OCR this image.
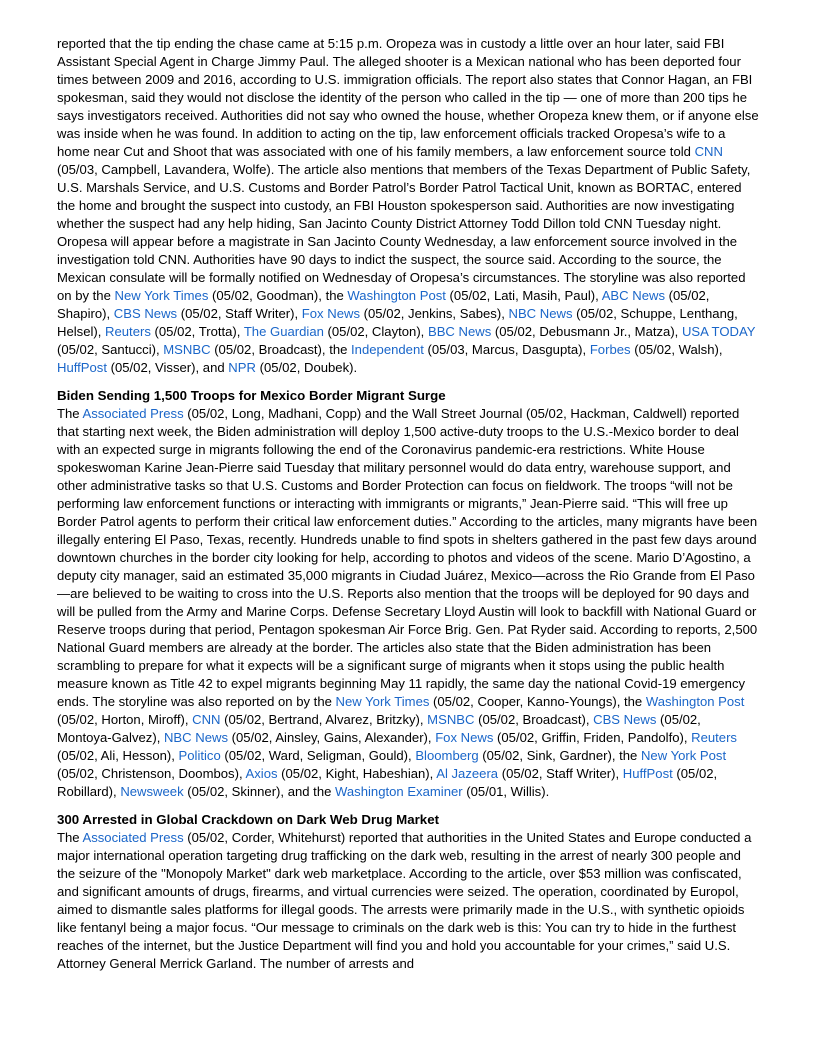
reported that the tip ending the chase came at 5:15 p.m. Oropeza was in custody a little over an hour later, said FBI Assistant Special Agent in Charge Jimmy Paul. The alleged shooter is a Mexican national who has been deported four times between 2009 and 2016, according to U.S. immigration officials. The report also states that Connor Hagan, an FBI spokesman, said they would not disclose the identity of the person who called in the tip — one of more than 200 tips he says investigators received. Authorities did not say who owned the house, whether Oropeza knew them, or if anyone else was inside when he was found. In addition to acting on the tip, law enforcement officials tracked Oropesa’s wife to a home near Cut and Shoot that was associated with one of his family members, a law enforcement source told CNN (05/03, Campbell, Lavandera, Wolfe). The article also mentions that members of the Texas Department of Public Safety, U.S. Marshals Service, and U.S. Customs and Border Patrol’s Border Patrol Tactical Unit, known as BORTAC, entered the home and brought the suspect into custody, an FBI Houston spokesperson said. Authorities are now investigating whether the suspect had any help hiding, San Jacinto County District Attorney Todd Dillon told CNN Tuesday night. Oropesa will appear before a magistrate in San Jacinto County Wednesday, a law enforcement source involved in the investigation told CNN. Authorities have 90 days to indict the suspect, the source said. According to the source, the Mexican consulate will be formally notified on Wednesday of Oropesa’s circumstances. The storyline was also reported on by the New York Times (05/02, Goodman), the Washington Post (05/02, Lati, Masih, Paul), ABC News (05/02, Shapiro), CBS News (05/02, Staff Writer), Fox News (05/02, Jenkins, Sabes), NBC News (05/02, Schuppe, Lenthang, Helsel), Reuters (05/02, Trotta), The Guardian (05/02, Clayton), BBC News (05/02, Debusmann Jr., Matza), USA TODAY (05/02, Santucci), MSNBC (05/02, Broadcast), the Independent (05/03, Marcus, Dasgupta), Forbes (05/02, Walsh), HuffPost (05/02, Visser), and NPR (05/02, Doubek).

Biden Sending 1,500 Troops for Mexico Border Migrant Surge

The Associated Press (05/02, Long, Madhani, Copp) and the Wall Street Journal (05/02, Hackman, Caldwell) reported that starting next week, the Biden administration will deploy 1,500 active-duty troops to the U.S.-Mexico border to deal with an expected surge in migrants following the end of the Coronavirus pandemic-era restrictions. White House spokeswoman Karine Jean-Pierre said Tuesday that military personnel would do data entry, warehouse support, and other administrative tasks so that U.S. Customs and Border Protection can focus on fieldwork. The troops “will not be performing law enforcement functions or interacting with immigrants or migrants,” Jean-Pierre said. “This will free up Border Patrol agents to perform their critical law enforcement duties.” According to the articles, many migrants have been illegally entering El Paso, Texas, recently. Hundreds unable to find spots in shelters gathered in the past few days around downtown churches in the border city looking for help, according to photos and videos of the scene. Mario D’Agostino, a deputy city manager, said an estimated 35,000 migrants in Ciudad Juárez, Mexico—across the Rio Grande from El Paso—are believed to be waiting to cross into the U.S. Reports also mention that the troops will be deployed for 90 days and will be pulled from the Army and Marine Corps. Defense Secretary Lloyd Austin will look to backfill with National Guard or Reserve troops during that period, Pentagon spokesman Air Force Brig. Gen. Pat Ryder said. According to reports, 2,500 National Guard members are already at the border. The articles also state that the Biden administration has been scrambling to prepare for what it expects will be a significant surge of migrants when it stops using the public health measure known as Title 42 to expel migrants beginning May 11 rapidly, the same day the national Covid-19 emergency ends. The storyline was also reported on by the New York Times (05/02, Cooper, Kanno-Youngs), the Washington Post (05/02, Horton, Miroff), CNN (05/02, Bertrand, Alvarez, Britzky), MSNBC (05/02, Broadcast), CBS News (05/02, Montoya-Galvez), NBC News (05/02, Ainsley, Gains, Alexander), Fox News (05/02, Griffin, Friden, Pandolfo), Reuters (05/02, Ali, Hesson), Politico (05/02, Ward, Seligman, Gould), Bloomberg (05/02, Sink, Gardner), the New York Post (05/02, Christenson, Doombos), Axios (05/02, Kight, Habeshian), Al Jazeera (05/02, Staff Writer), HuffPost (05/02, Robillard), Newsweek (05/02, Skinner), and the Washington Examiner (05/01, Willis).

300 Arrested in Global Crackdown on Dark Web Drug Market

The Associated Press (05/02, Corder, Whitehurst) reported that authorities in the United States and Europe conducted a major international operation targeting drug trafficking on the dark web, resulting in the arrest of nearly 300 people and the seizure of the "Monopoly Market" dark web marketplace. According to the article, over $53 million was confiscated, and significant amounts of drugs, firearms, and virtual currencies were seized. The operation, coordinated by Europol, aimed to dismantle sales platforms for illegal goods. The arrests were primarily made in the U.S., with synthetic opioids like fentanyl being a major focus. “Our message to criminals on the dark web is this: You can try to hide in the furthest reaches of the internet, but the Justice Department will find you and hold you accountable for your crimes,” said U.S. Attorney General Merrick Garland. The number of arrests and
